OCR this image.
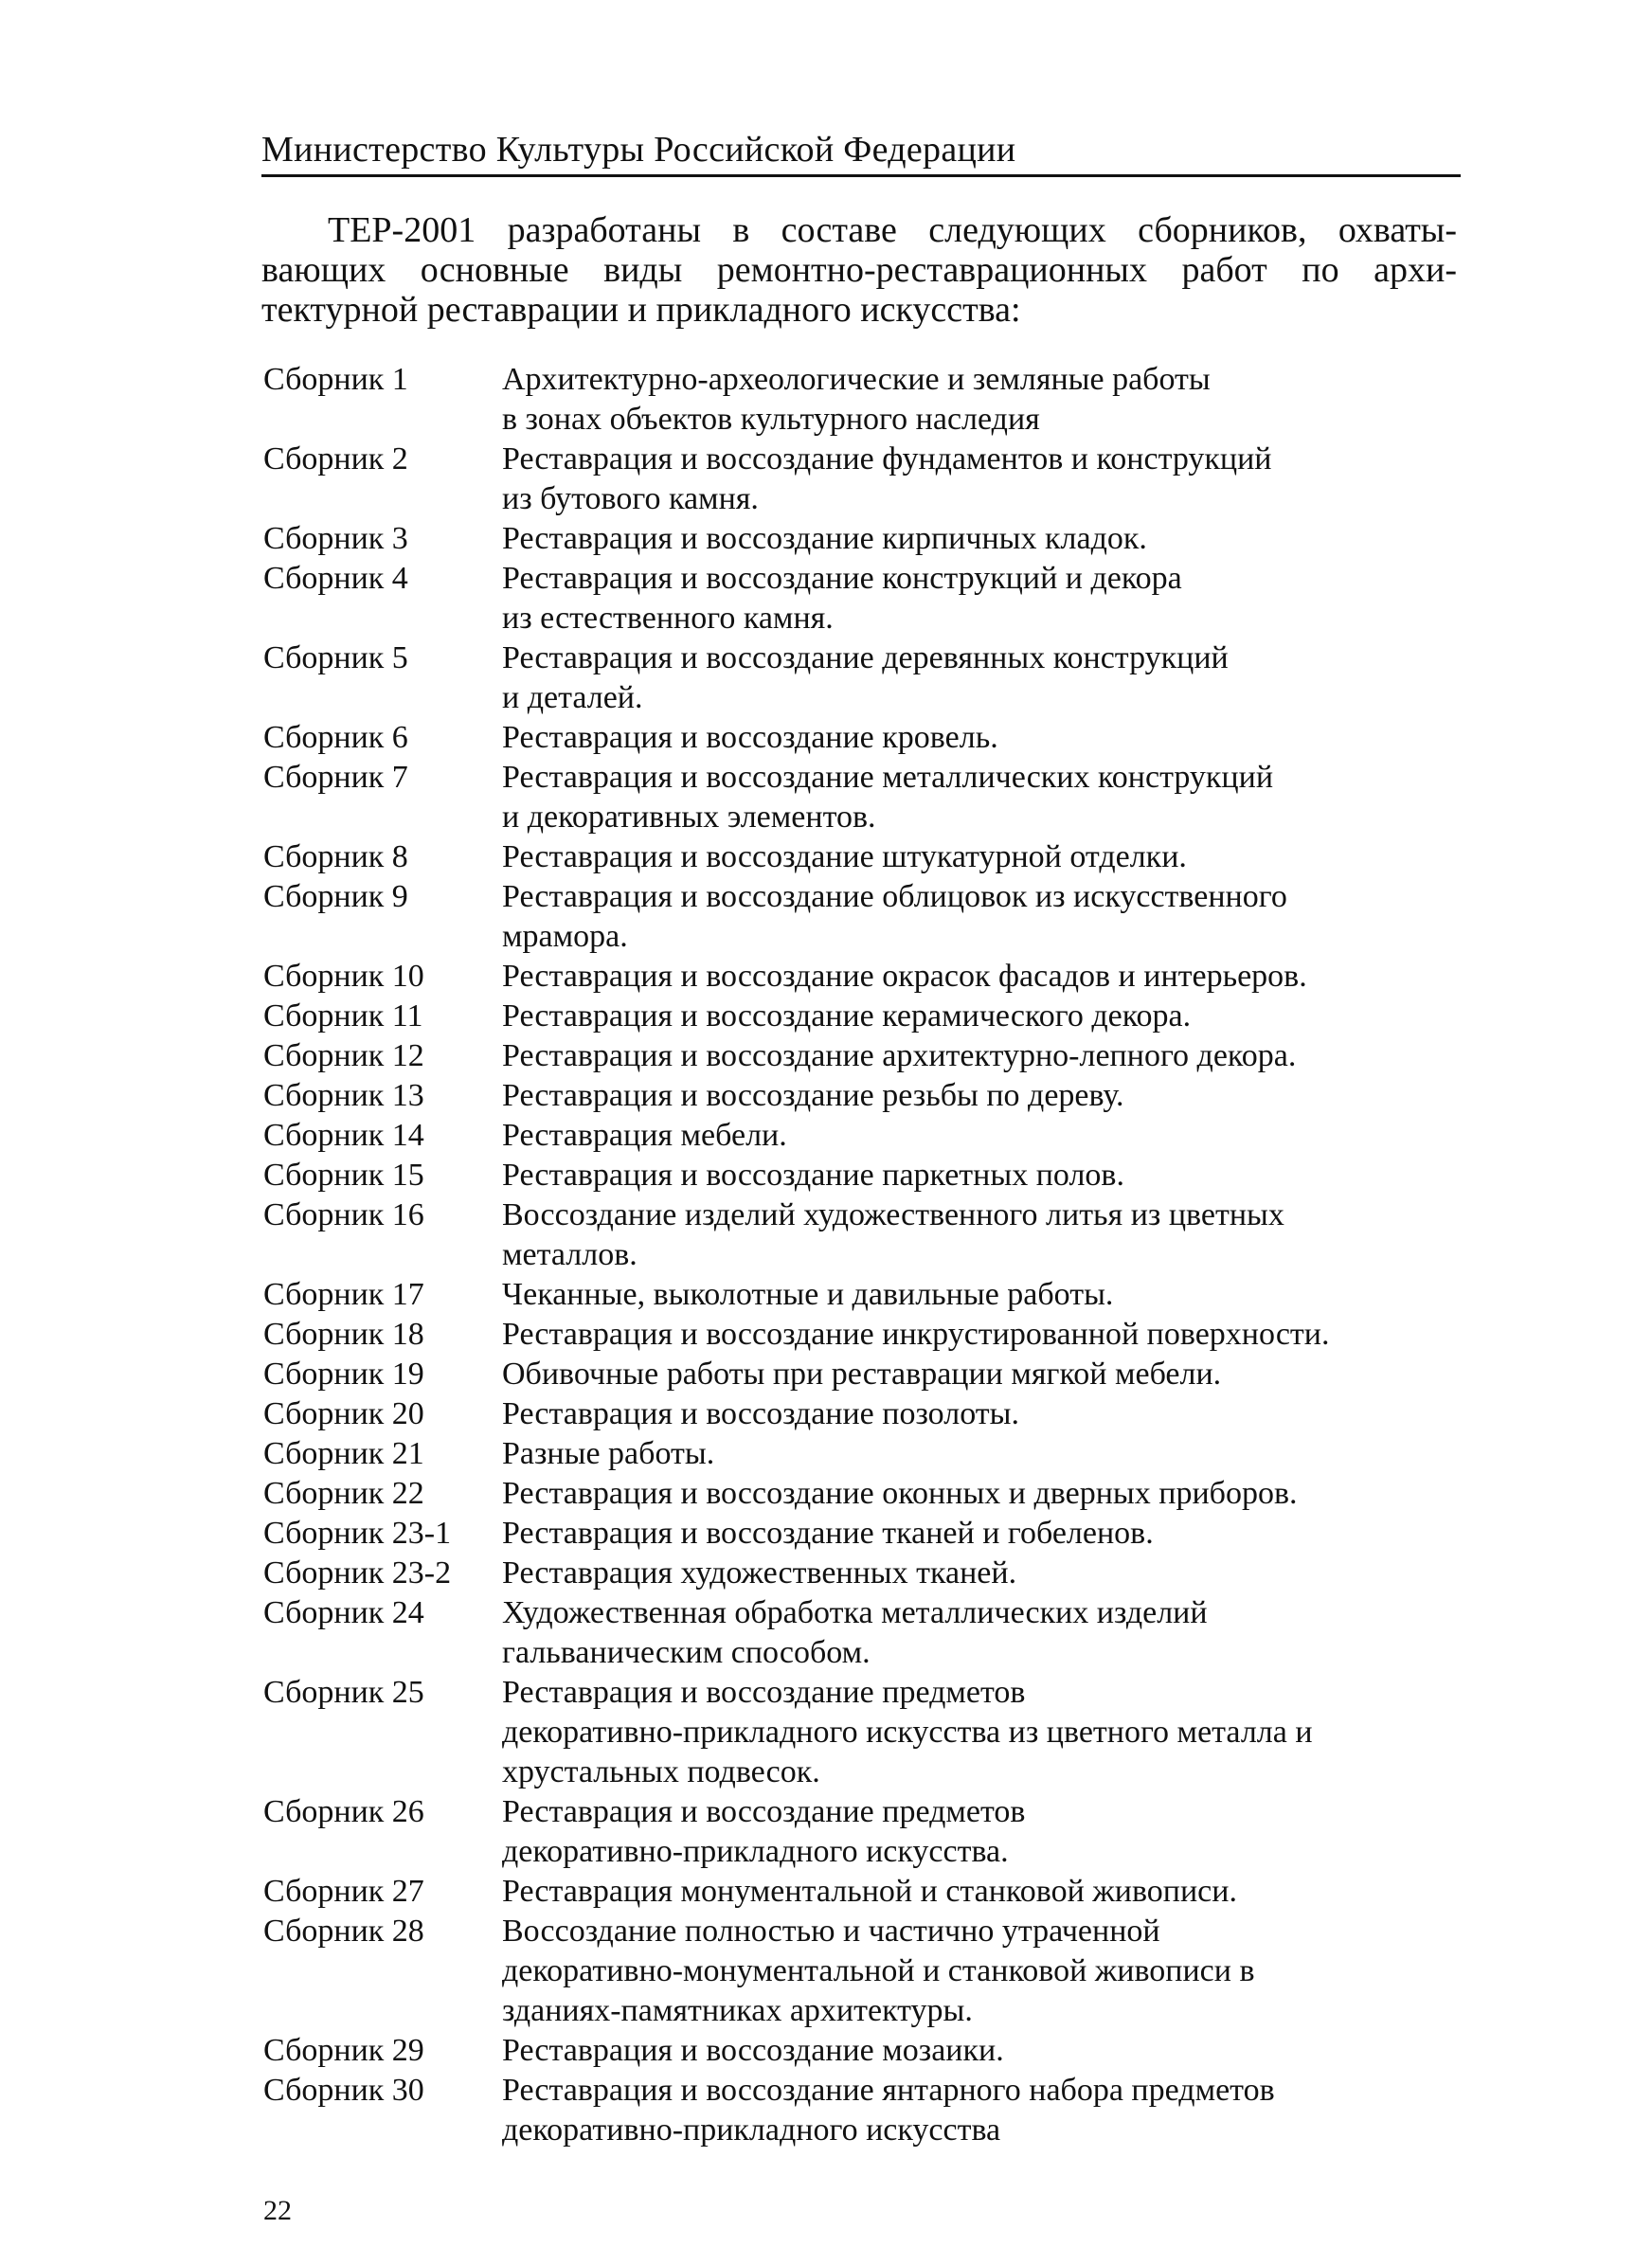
Министерство Культуры Российской Федерации
ТЕР-2001 разработаны в составе следующих сборников, охваты-
вающих основные виды ремонтно-реставрационных работ по архи-
тектурной реставрации и прикладного искусства:
Сборник 1	Архитектурно-археологические и земляные работы
в зонах объектов культурного наследия
Сборник 2	Реставрация и воссоздание фундаментов и конструкций
из бутового камня.
Сборник 3	Реставрация и воссоздание кирпичных кладок.
Сборник 4	Реставрация и воссоздание конструкций и декора
из естественного камня.
Сборник 5	Реставрация и воссоздание деревянных конструкций
и деталей.
Сборник 6	Реставрация и воссоздание кровель.
Сборник 7	Реставрация и воссоздание металлических конструкций
и декоративных элементов.
Сборник 8	Реставрация и воссоздание штукатурной отделки.
Сборник 9	Реставрация и воссоздание облицовок из искусственного
мрамора.
Сборник 10	Реставрация и воссоздание окрасок фасадов и интерьеров.
Сборник 11	Реставрация и воссоздание керамического декора.
Сборник 12	Реставрация и воссоздание архитектурно-лепного декора.
Сборник 13	Реставрация и воссоздание резьбы по дереву.
Сборник 14	Реставрация мебели.
Сборник 15	Реставрация и воссоздание паркетных полов.
Сборник 16	Воссоздание изделий художественного литья из цветных
металлов.
Сборник 17	Чеканные, выколотные и давильные работы.
Сборник 18	Реставрация и воссоздание инкрустированной поверхности.
Сборник 19	Обивочные работы при реставрации мягкой мебели.
Сборник 20	Реставрация и воссоздание позолоты.
Сборник 21	Разные работы.
Сборник 22	Реставрация и воссоздание оконных и дверных приборов.
Сборник 23-1	Реставрация и воссоздание тканей и гобеленов.
Сборник 23-2	Реставрация художественных тканей.
Сборник 24	Художественная обработка металлических изделий
гальваническим способом.
Сборник 25	Реставрация и воссоздание предметов
декоративно-прикладного искусства из цветного металла и
хрустальных подвесок.
Сборник 26	Реставрация и воссоздание предметов
декоративно-прикладного искусства.
Сборник 27	Реставрация монументальной и станковой живописи.
Сборник 28	Воссоздание полностью и частично утраченной
декоративно-монументальной и станковой живописи в
зданиях-памятниках архитектуры.
Сборник 29	Реставрация и воссоздание мозаики.
Сборник 30	Реставрация и воссоздание янтарного набора предметов
декоративно-прикладного искусства
22
